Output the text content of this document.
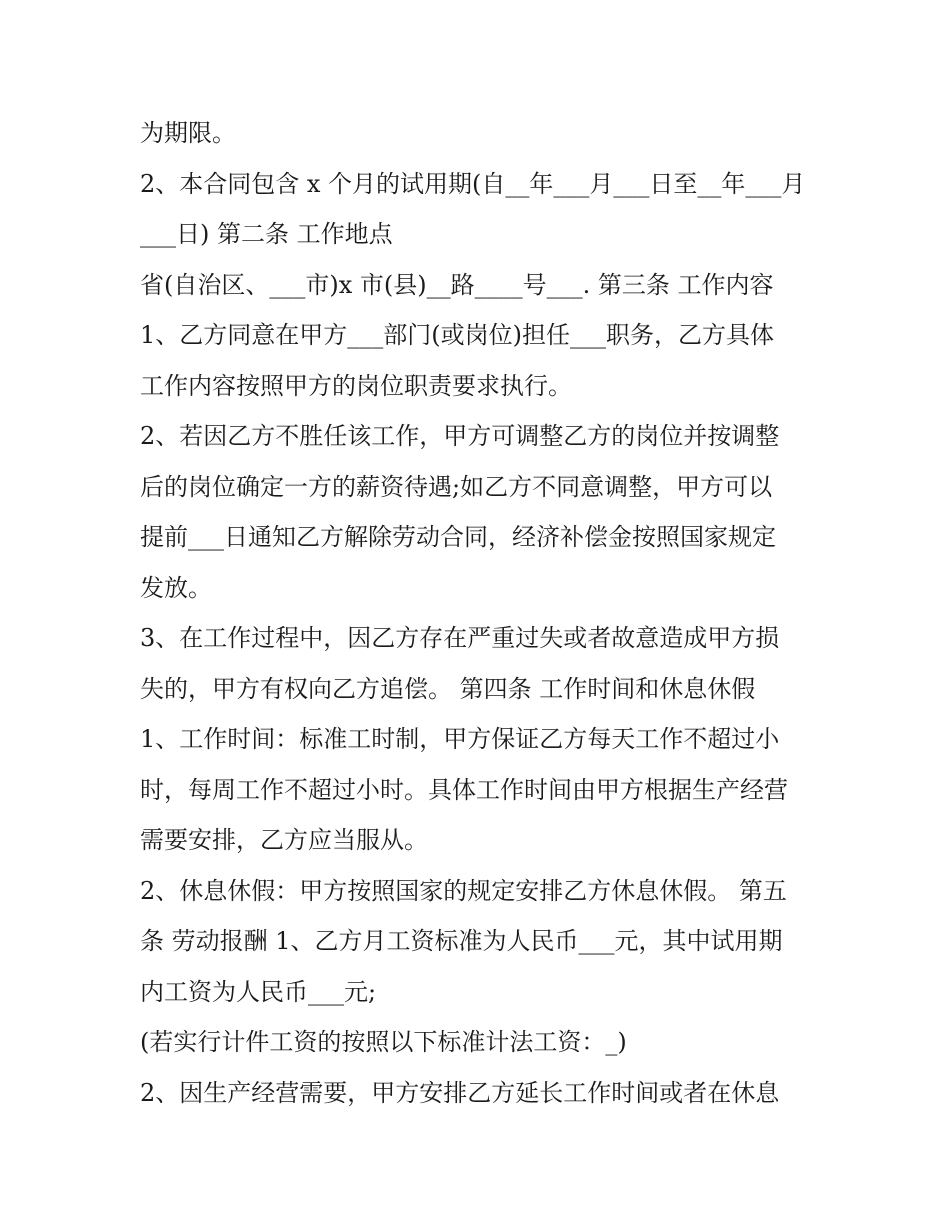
为期限。
2、本合同包含 x 个月的试用期(自__年___月___日至__年___月
___日) 第二条 工作地点
省(自治区、___市)x 市(县)__路____号___. 第三条 工作内容
1、乙方同意在甲方___部门(或岗位)担任___职务，乙方具体
工作内容按照甲方的岗位职责要求执行。
2、若因乙方不胜任该工作，甲方可调整乙方的岗位并按调整
后的岗位确定一方的薪资待遇;如乙方不同意调整，甲方可以
提前___日通知乙方解除劳动合同，经济补偿金按照国家规定
发放。
3、在工作过程中，因乙方存在严重过失或者故意造成甲方损
失的，甲方有权向乙方追偿。 第四条 工作时间和休息休假
1、工作时间：标准工时制，甲方保证乙方每天工作不超过小
时，每周工作不超过小时。具体工作时间由甲方根据生产经营
需要安排，乙方应当服从。
2、休息休假：甲方按照国家的规定安排乙方休息休假。 第五
条 劳动报酬 1、乙方月工资标准为人民币___元，其中试用期
内工资为人民币___元;
(若实行计件工资的按照以下标准计法工资：_)
2、因生产经营需要，甲方安排乙方延长工作时间或者在休息
